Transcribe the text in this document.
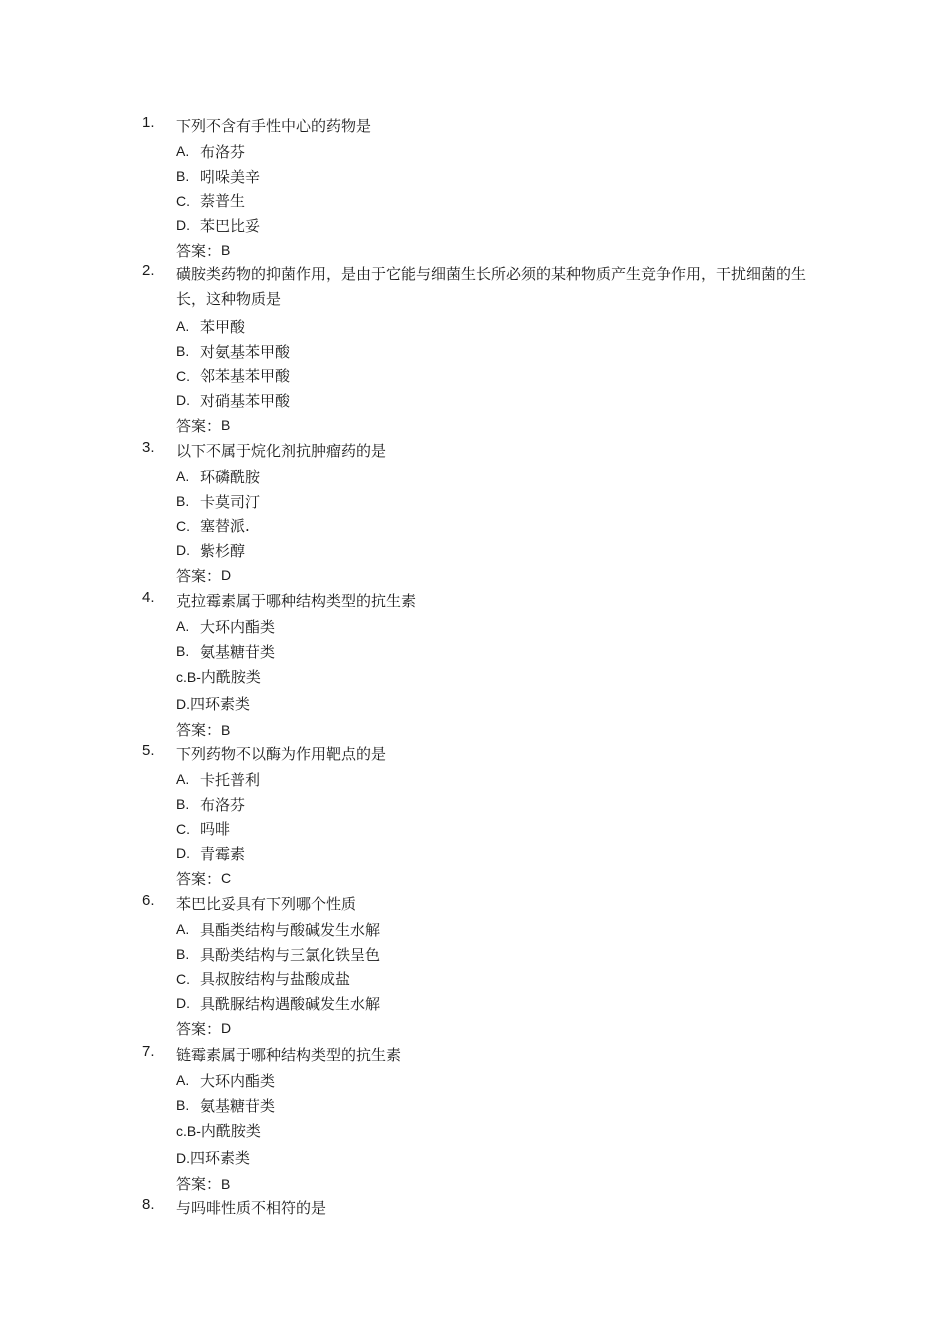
1.	下列不含有手性中心的药物是
A. 布洛芬
B. 吲哚美辛
C. 萘普生
D. 苯巴比妥
答案： B
2.	磺胺类药物的抑菌作用，是由于它能与细菌生长所必须的某种物质产生竞争作用，干扰细菌的生长，这种物质是
A. 苯甲酸
B. 对氨基苯甲酸
C. 邻苯基苯甲酸
D. 对硝基苯甲酸
答案： B
3.	以下不属于烷化剂抗肿瘤药的是
A. 环磷酰胺
B. 卡莫司汀
C. 塞替派.
D. 紫杉醇
答案： D
4.	克拉霉素属于哪种结构类型的抗生素
A. 大环内酯类
B. 氨基糖苷类
c.B- 内酰胺类
D. 四环素类
答案： B
5.	下列药物不以酶为作用靶点的是
A. 卡托普利
B. 布洛芬
C. 吗啡
D. 青霉素
答案： C
6.	苯巴比妥具有下列哪个性质
A. 具酯类结构与酸碱发生水解
B. 具酚类结构与三氯化铁呈色
C. 具叔胺结构与盐酸成盐
D. 具酰脲结构遇酸碱发生水解
答案： D
7.	链霉素属于哪种结构类型的抗生素
A. 大环内酯类
B. 氨基糖苷类
c.B- 内酰胺类
D. 四环素类
答案： B
8.	与吗啡性质不相符的是
